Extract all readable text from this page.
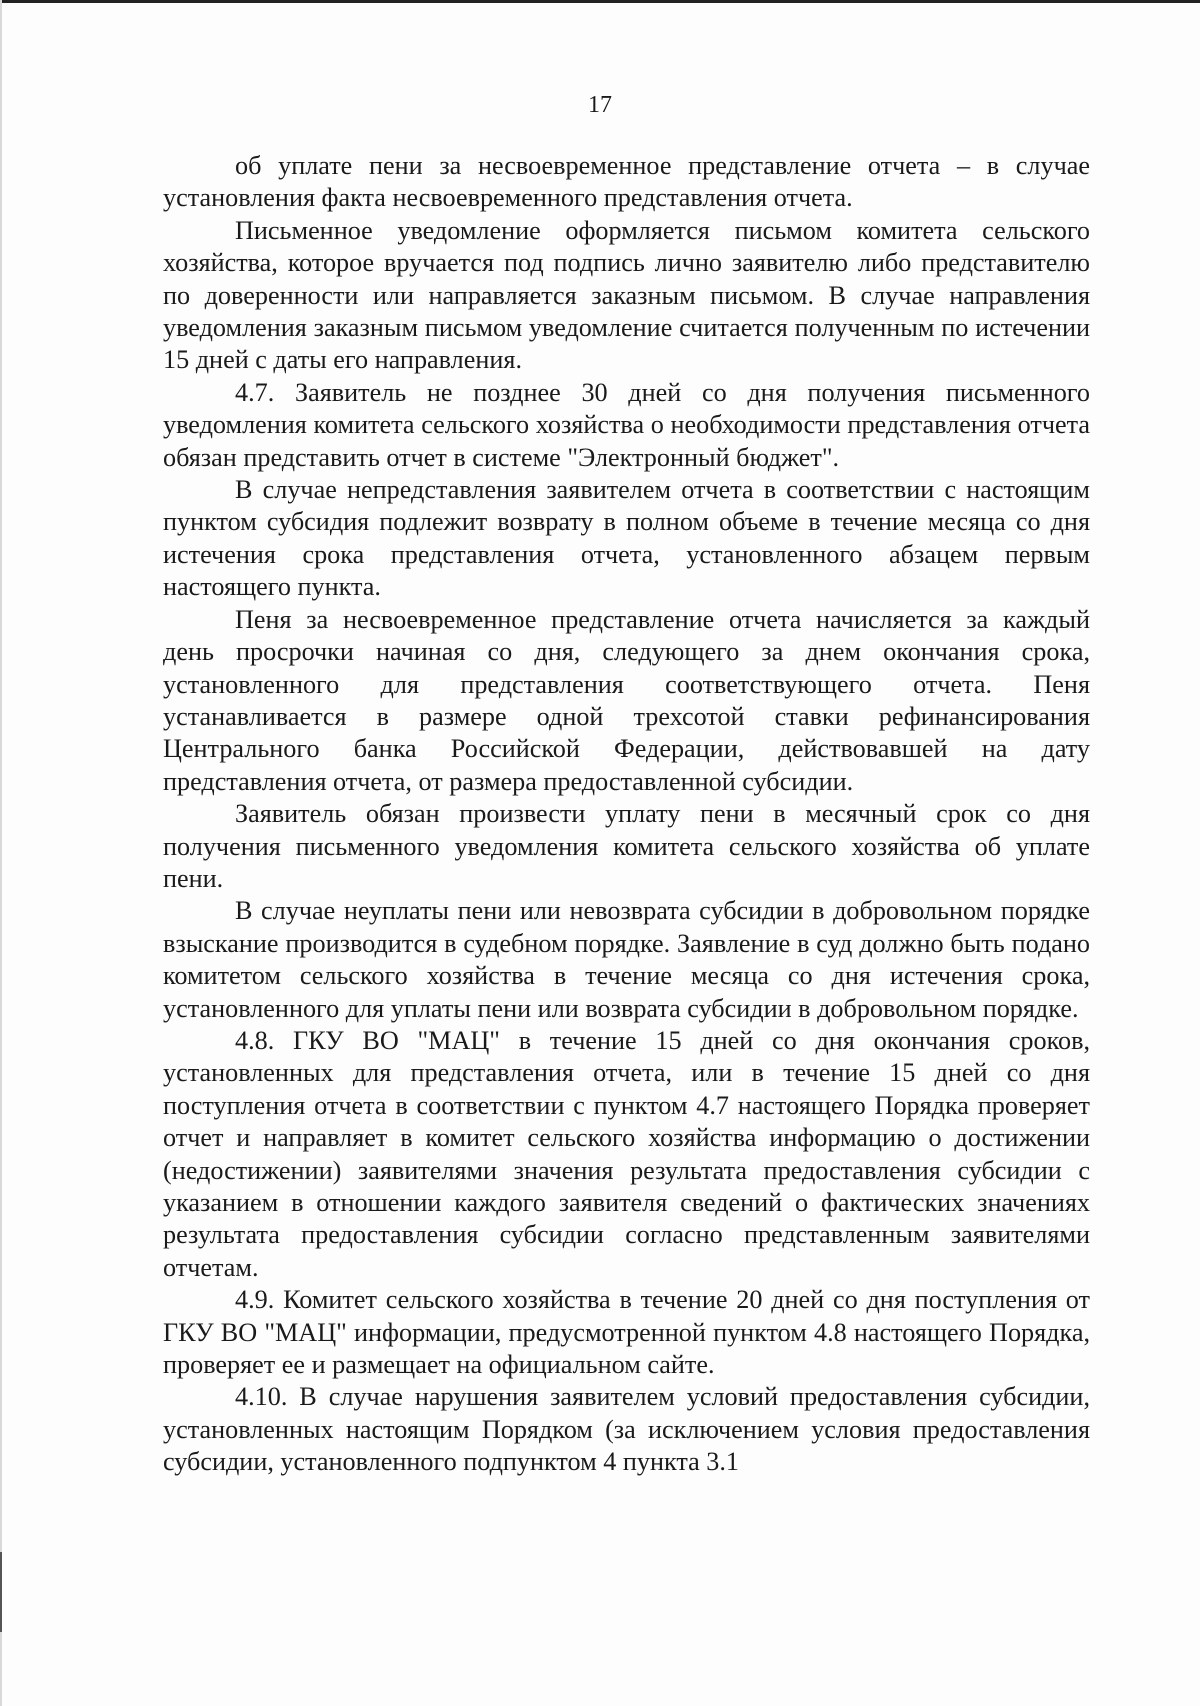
17

об уплате пени за несвоевременное представление отчета – в случае установления факта несвоевременного представления отчета.

Письменное уведомление оформляется письмом комитета сельского хозяйства, которое вручается под подпись лично заявителю либо представителю по доверенности или направляется заказным письмом. В случае направления уведомления заказным письмом уведомление считается полученным по истечении 15 дней с даты его направления.

4.7. Заявитель не позднее 30 дней со дня получения письменного уведомления комитета сельского хозяйства о необходимости представления отчета обязан представить отчет в системе "Электронный бюджет".

В случае непредставления заявителем отчета в соответствии с настоящим пунктом субсидия подлежит возврату в полном объеме в течение месяца со дня истечения срока представления отчета, установленного абзацем первым настоящего пункта.

Пеня за несвоевременное представление отчета начисляется за каждый день просрочки начиная со дня, следующего за днем окончания срока, установленного для представления соответствующего отчета. Пеня устанавливается в размере одной трехсотой ставки рефинансирования Центрального банка Российской Федерации, действовавшей на дату представления отчета, от размера предоставленной субсидии.

Заявитель обязан произвести уплату пени в месячный срок со дня получения письменного уведомления комитета сельского хозяйства об уплате пени.

В случае неуплаты пени или невозврата субсидии в добровольном порядке взыскание производится в судебном порядке. Заявление в суд должно быть подано комитетом сельского хозяйства в течение месяца со дня истечения срока, установленного для уплаты пени или возврата субсидии в добровольном порядке.

4.8. ГКУ ВО "МАЦ" в течение 15 дней со дня окончания сроков, установленных для представления отчета, или в течение 15 дней со дня поступления отчета в соответствии с пунктом 4.7 настоящего Порядка проверяет отчет и направляет в комитет сельского хозяйства информацию о достижении (недостижении) заявителями значения результата предоставления субсидии с указанием в отношении каждого заявителя сведений о фактических значениях результата предоставления субсидии согласно представленным заявителями отчетам.

4.9. Комитет сельского хозяйства в течение 20 дней со дня поступления от ГКУ ВО "МАЦ" информации, предусмотренной пунктом 4.8 настоящего Порядка, проверяет ее и размещает на официальном сайте.

4.10. В случае нарушения заявителем условий предоставления субсидии, установленных настоящим Порядком (за исключением условия предоставления субсидии, установленного подпунктом 4 пункта 3.1
